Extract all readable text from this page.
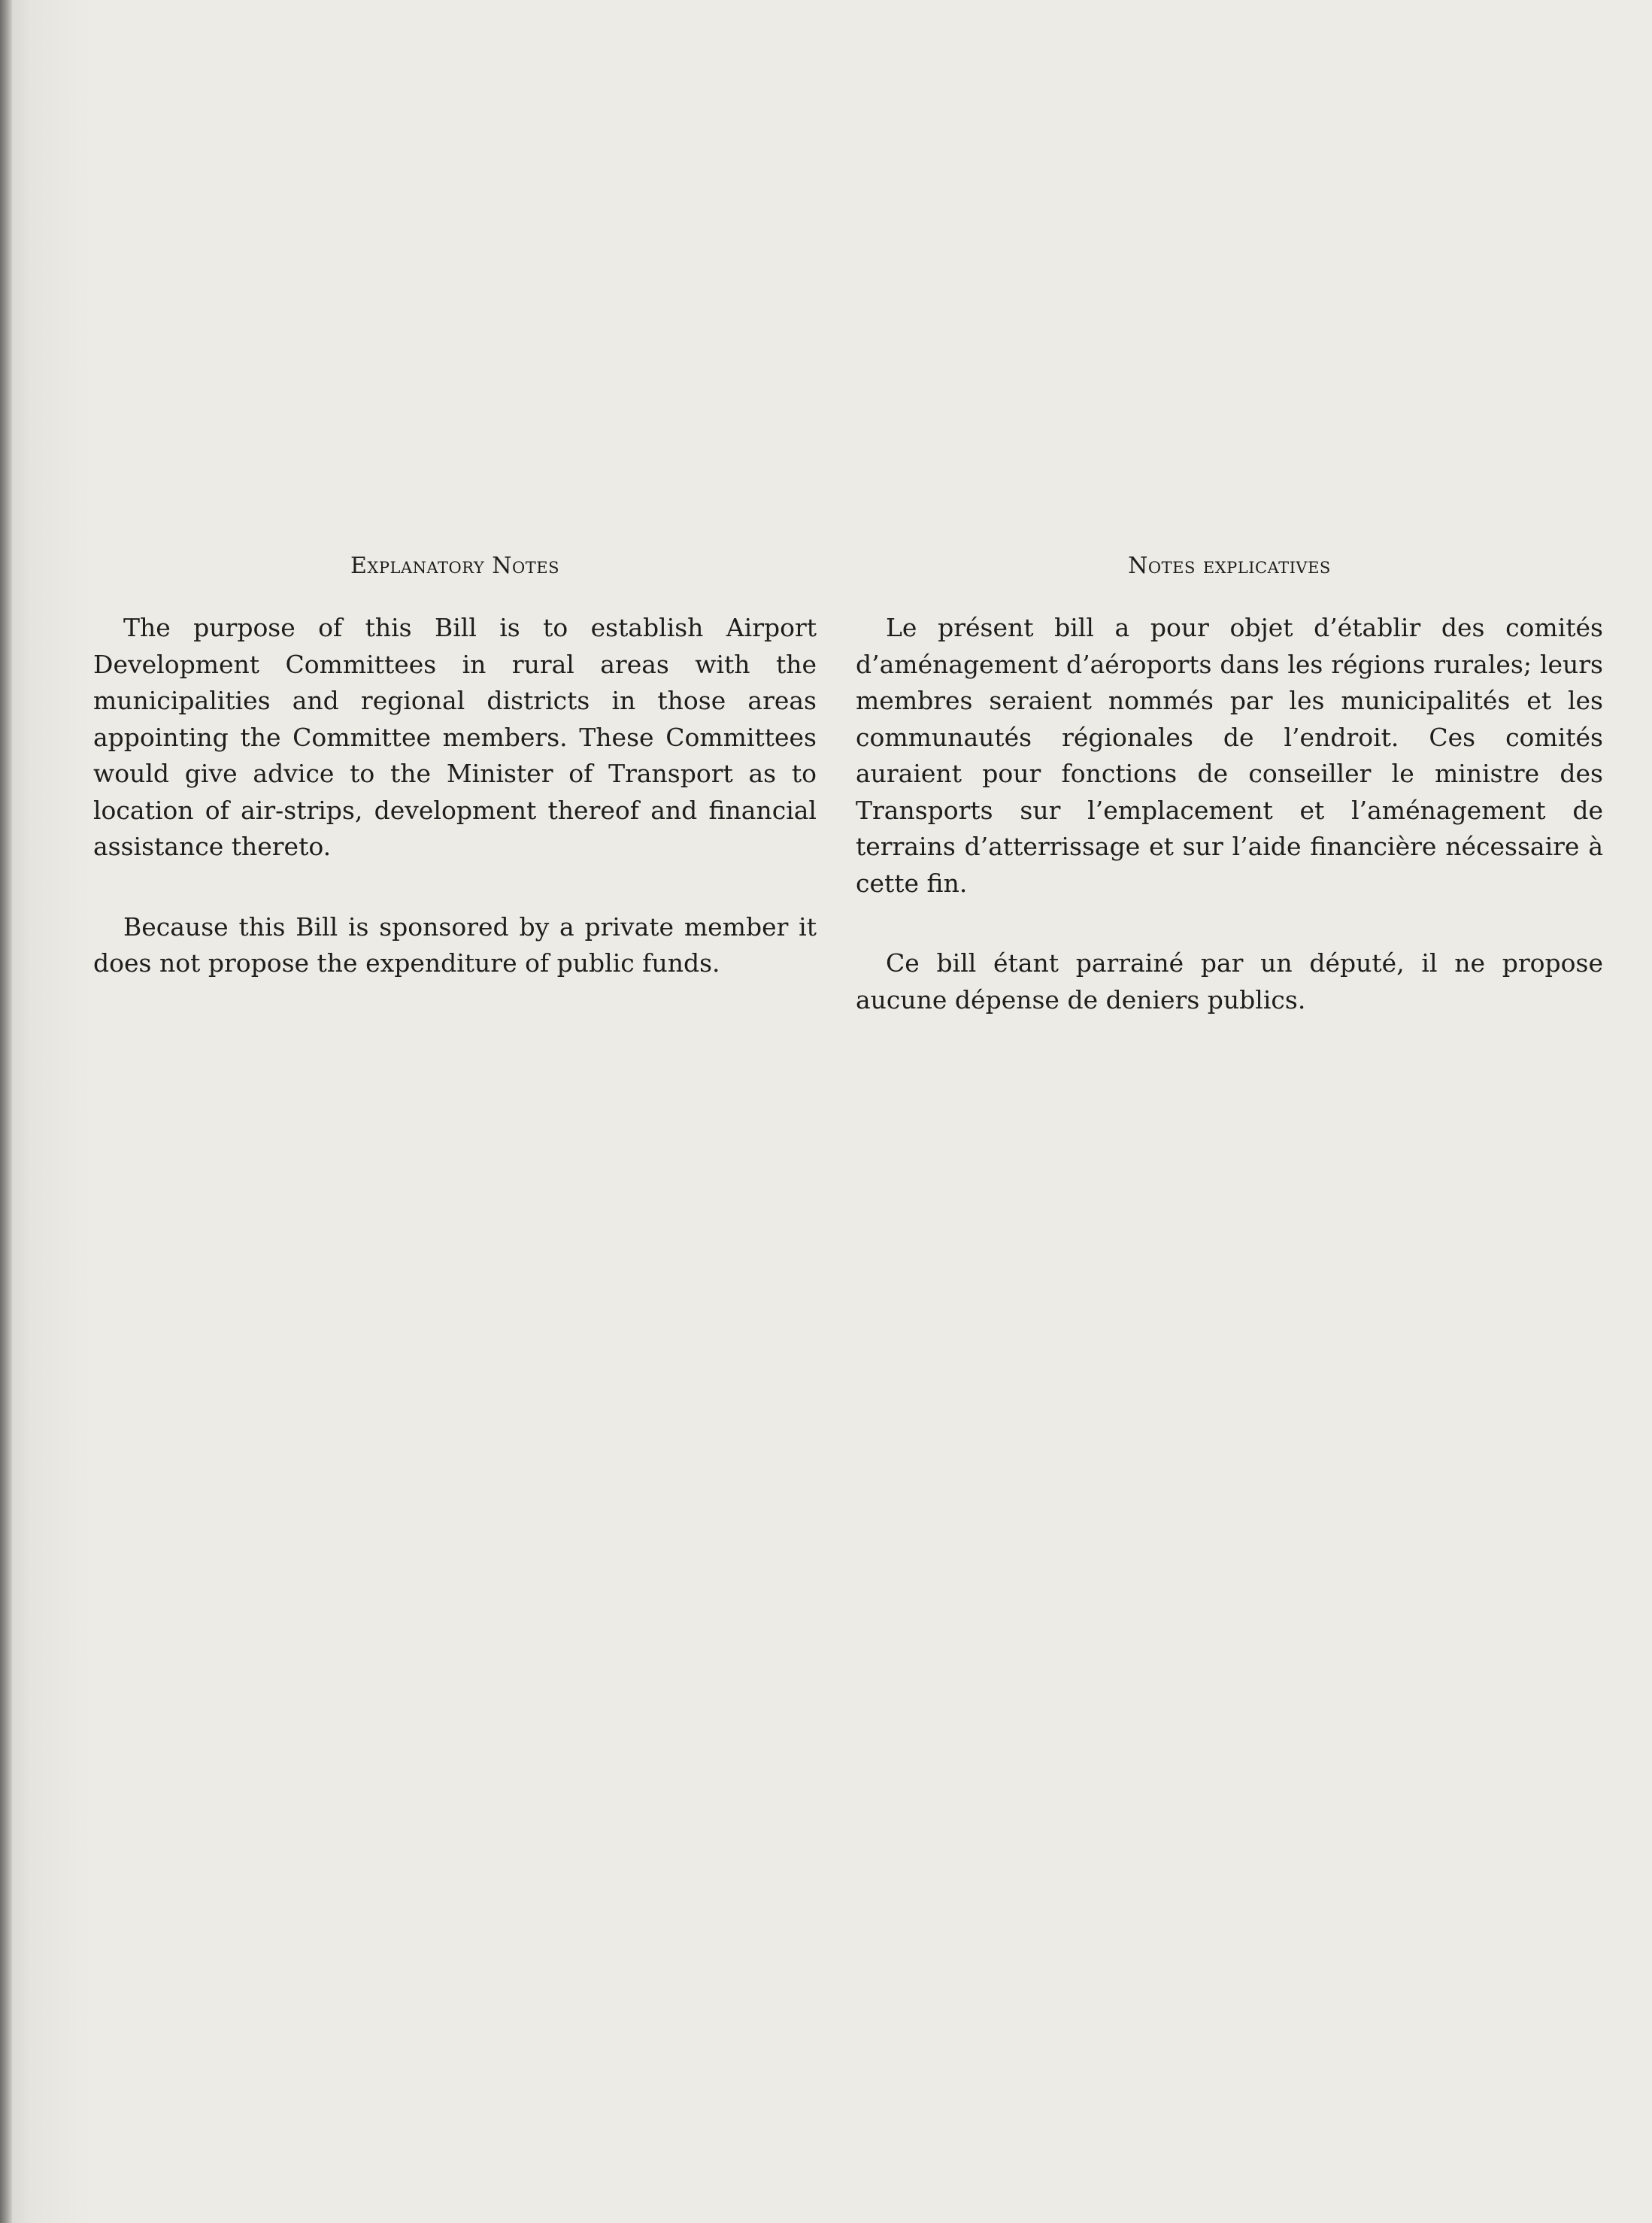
Explanatory Notes

The purpose of this Bill is to establish Airport Development Committees in rural areas with the municipalities and regional districts in those areas appointing the Committee members. These Committees would give advice to the Minister of Transport as to location of air-strips, development thereof and financial assistance thereto.

Because this Bill is sponsored by a private member it does not propose the expenditure of public funds.

Notes explicatives

Le présent bill a pour objet d’établir des comités d’aménagement d’aéroports dans les régions rurales; leurs membres seraient nommés par les municipalités et les communautés régionales de l’endroit. Ces comités auraient pour fonctions de conseiller le ministre des Transports sur l’emplacement et l’aménagement de terrains d’atterrissage et sur l’aide financière nécessaire à cette fin.

Ce bill étant parrainé par un député, il ne propose aucune dépense de deniers publics.
